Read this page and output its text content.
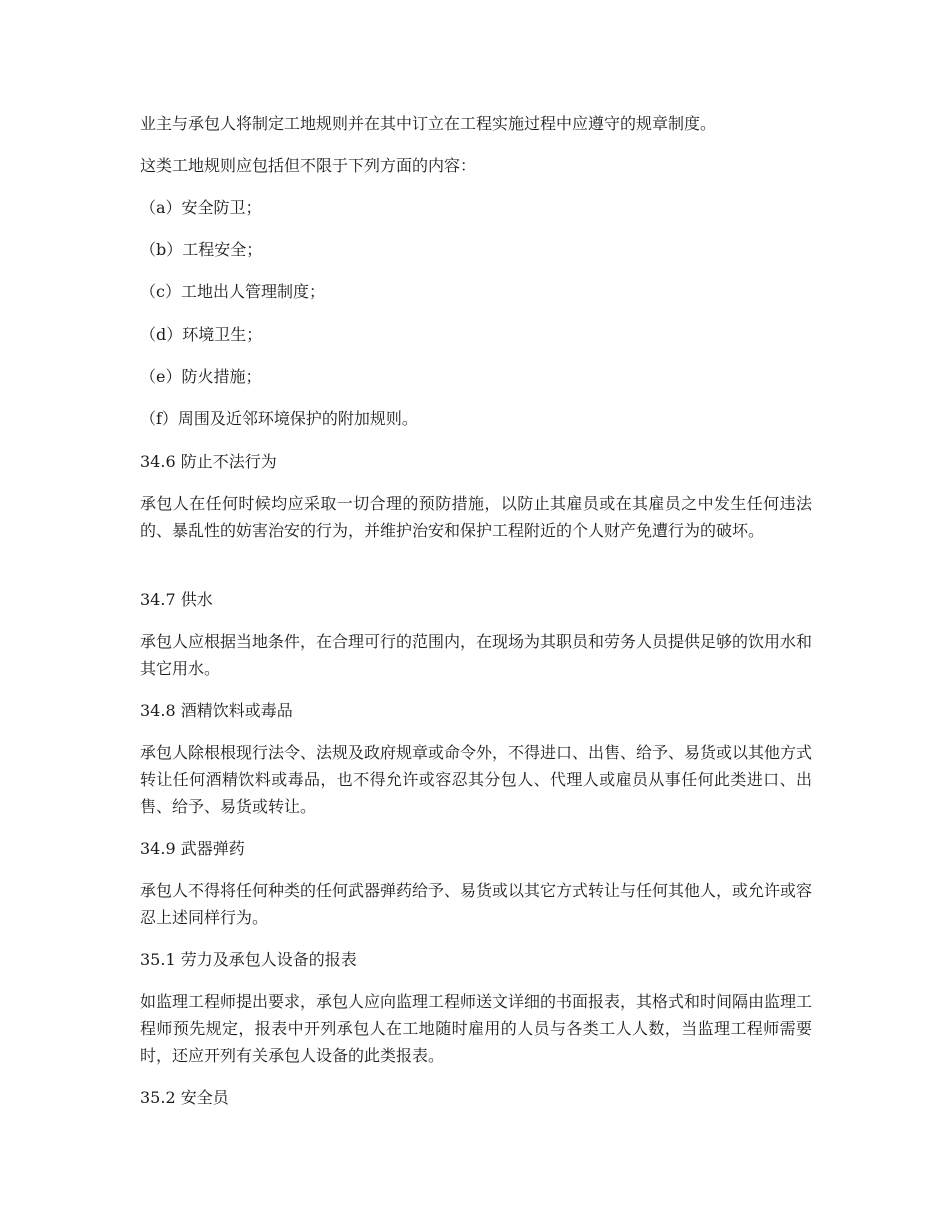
业主与承包人将制定工地规则并在其中订立在工程实施过程中应遵守的规章制度。

这类工地规则应包括但不限于下列方面的内容：

（a）安全防卫；

（b）工程安全；

（c）工地出人管理制度；

（d）环境卫生；

（e）防火措施；

（f）周围及近邻环境保护的附加规则。

34.6 防止不法行为

承包人在任何时候均应采取一切合理的预防措施，以防止其雇员或在其雇员之中发生任何违法的、暴乱性的妨害治安的行为，并维护治安和保护工程附近的个人财产免遭行为的破坏。

34.7 供水

承包人应根据当地条件，在合理可行的范围内，在现场为其职员和劳务人员提供足够的饮用水和其它用水。

34.8 酒精饮料或毒品

承包人除根根现行法令、法规及政府规章或命令外，不得进口、出售、给予、易货或以其他方式转让任何酒精饮料或毒品，也不得允许或容忍其分包人、代理人或雇员从事任何此类进口、出售、给予、易货或转让。

34.9 武器弹药

承包人不得将任何种类的任何武器弹药给予、易货或以其它方式转让与任何其他人，或允许或容忍上述同样行为。

35.1 劳力及承包人设备的报表

如监理工程师提出要求，承包人应向监理工程师送文详细的书面报表，其格式和时间隔由监理工程师预先规定，报表中开列承包人在工地随时雇用的人员与各类工人人数，当监理工程师需要时，还应开列有关承包人设备的此类报表。

35.2 安全员
